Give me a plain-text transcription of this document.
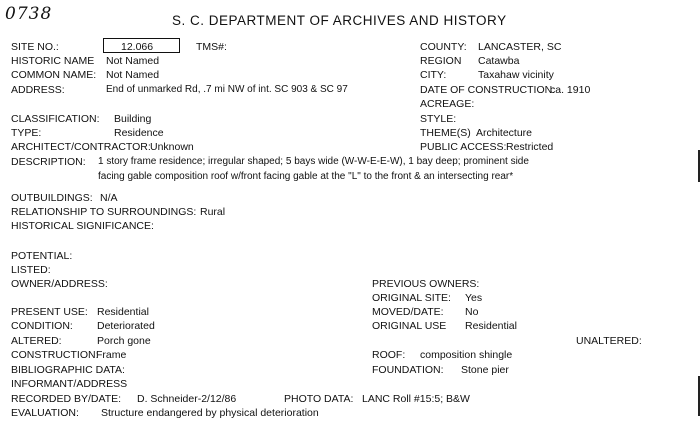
0738	S. C. DEPARTMENT OF ARCHIVES AND HISTORY
SITE NO.:	12.066	TMS#:
HISTORIC NAME Not Named
COMMON NAME: Not Named
ADDRESS:	End of unmarked Rd, .7 mi NW of int. SC 903 & SC 97
COUNTY: LANCASTER, SC
REGION Catawba
CITY:	Taxahaw vicinity
DATE OF CONSTRUCTION:
ca. 1910
ACREAGE:
CLASSIFICATION: Building
TYPE:	Residence
ARCHITECT/CONTRACTOR: Unknown
STYLE:
THEME(S) Architecture
PUBLIC ACCESS: Restricted
DESCRIPTION: 1 story frame residence; irregular shaped; 5 bays wide (W-W-E-E-W), 1 bay deep; prominent side
facing gable composition roof w/front facing gable at the "L" to the front & an intersecting rear*
OUTBUILDINGS: N/A
RELATIONSHIP TO SURROUNDINGS: Rural
HISTORICAL SIGNIFICANCE:
POTENTIAL:
LISTED:
OWNER/ADDRESS:	PREVIOUS OWNERS:
ORIGINAL SITE: Yes
MOVED/DATE: No
ORIGINAL USE Residential
UNALTERED:
PRESENT USE: Residential
CONDITION: Deteriorated
ALTERED:	Porch gone
CONSTRUCTION:
Frame	ROOF: composition shingle
BIBLIOGRAPHIC DATA:	FOUNDATION: Stone pier
INFORMANT/ADDRESS
RECORDED BY/DATE: D. Schneider-2/12/86	PHOTO DATA: LANC Roll #15:5; B&W
EVALUATION: Structure endangered by physical deterioration
